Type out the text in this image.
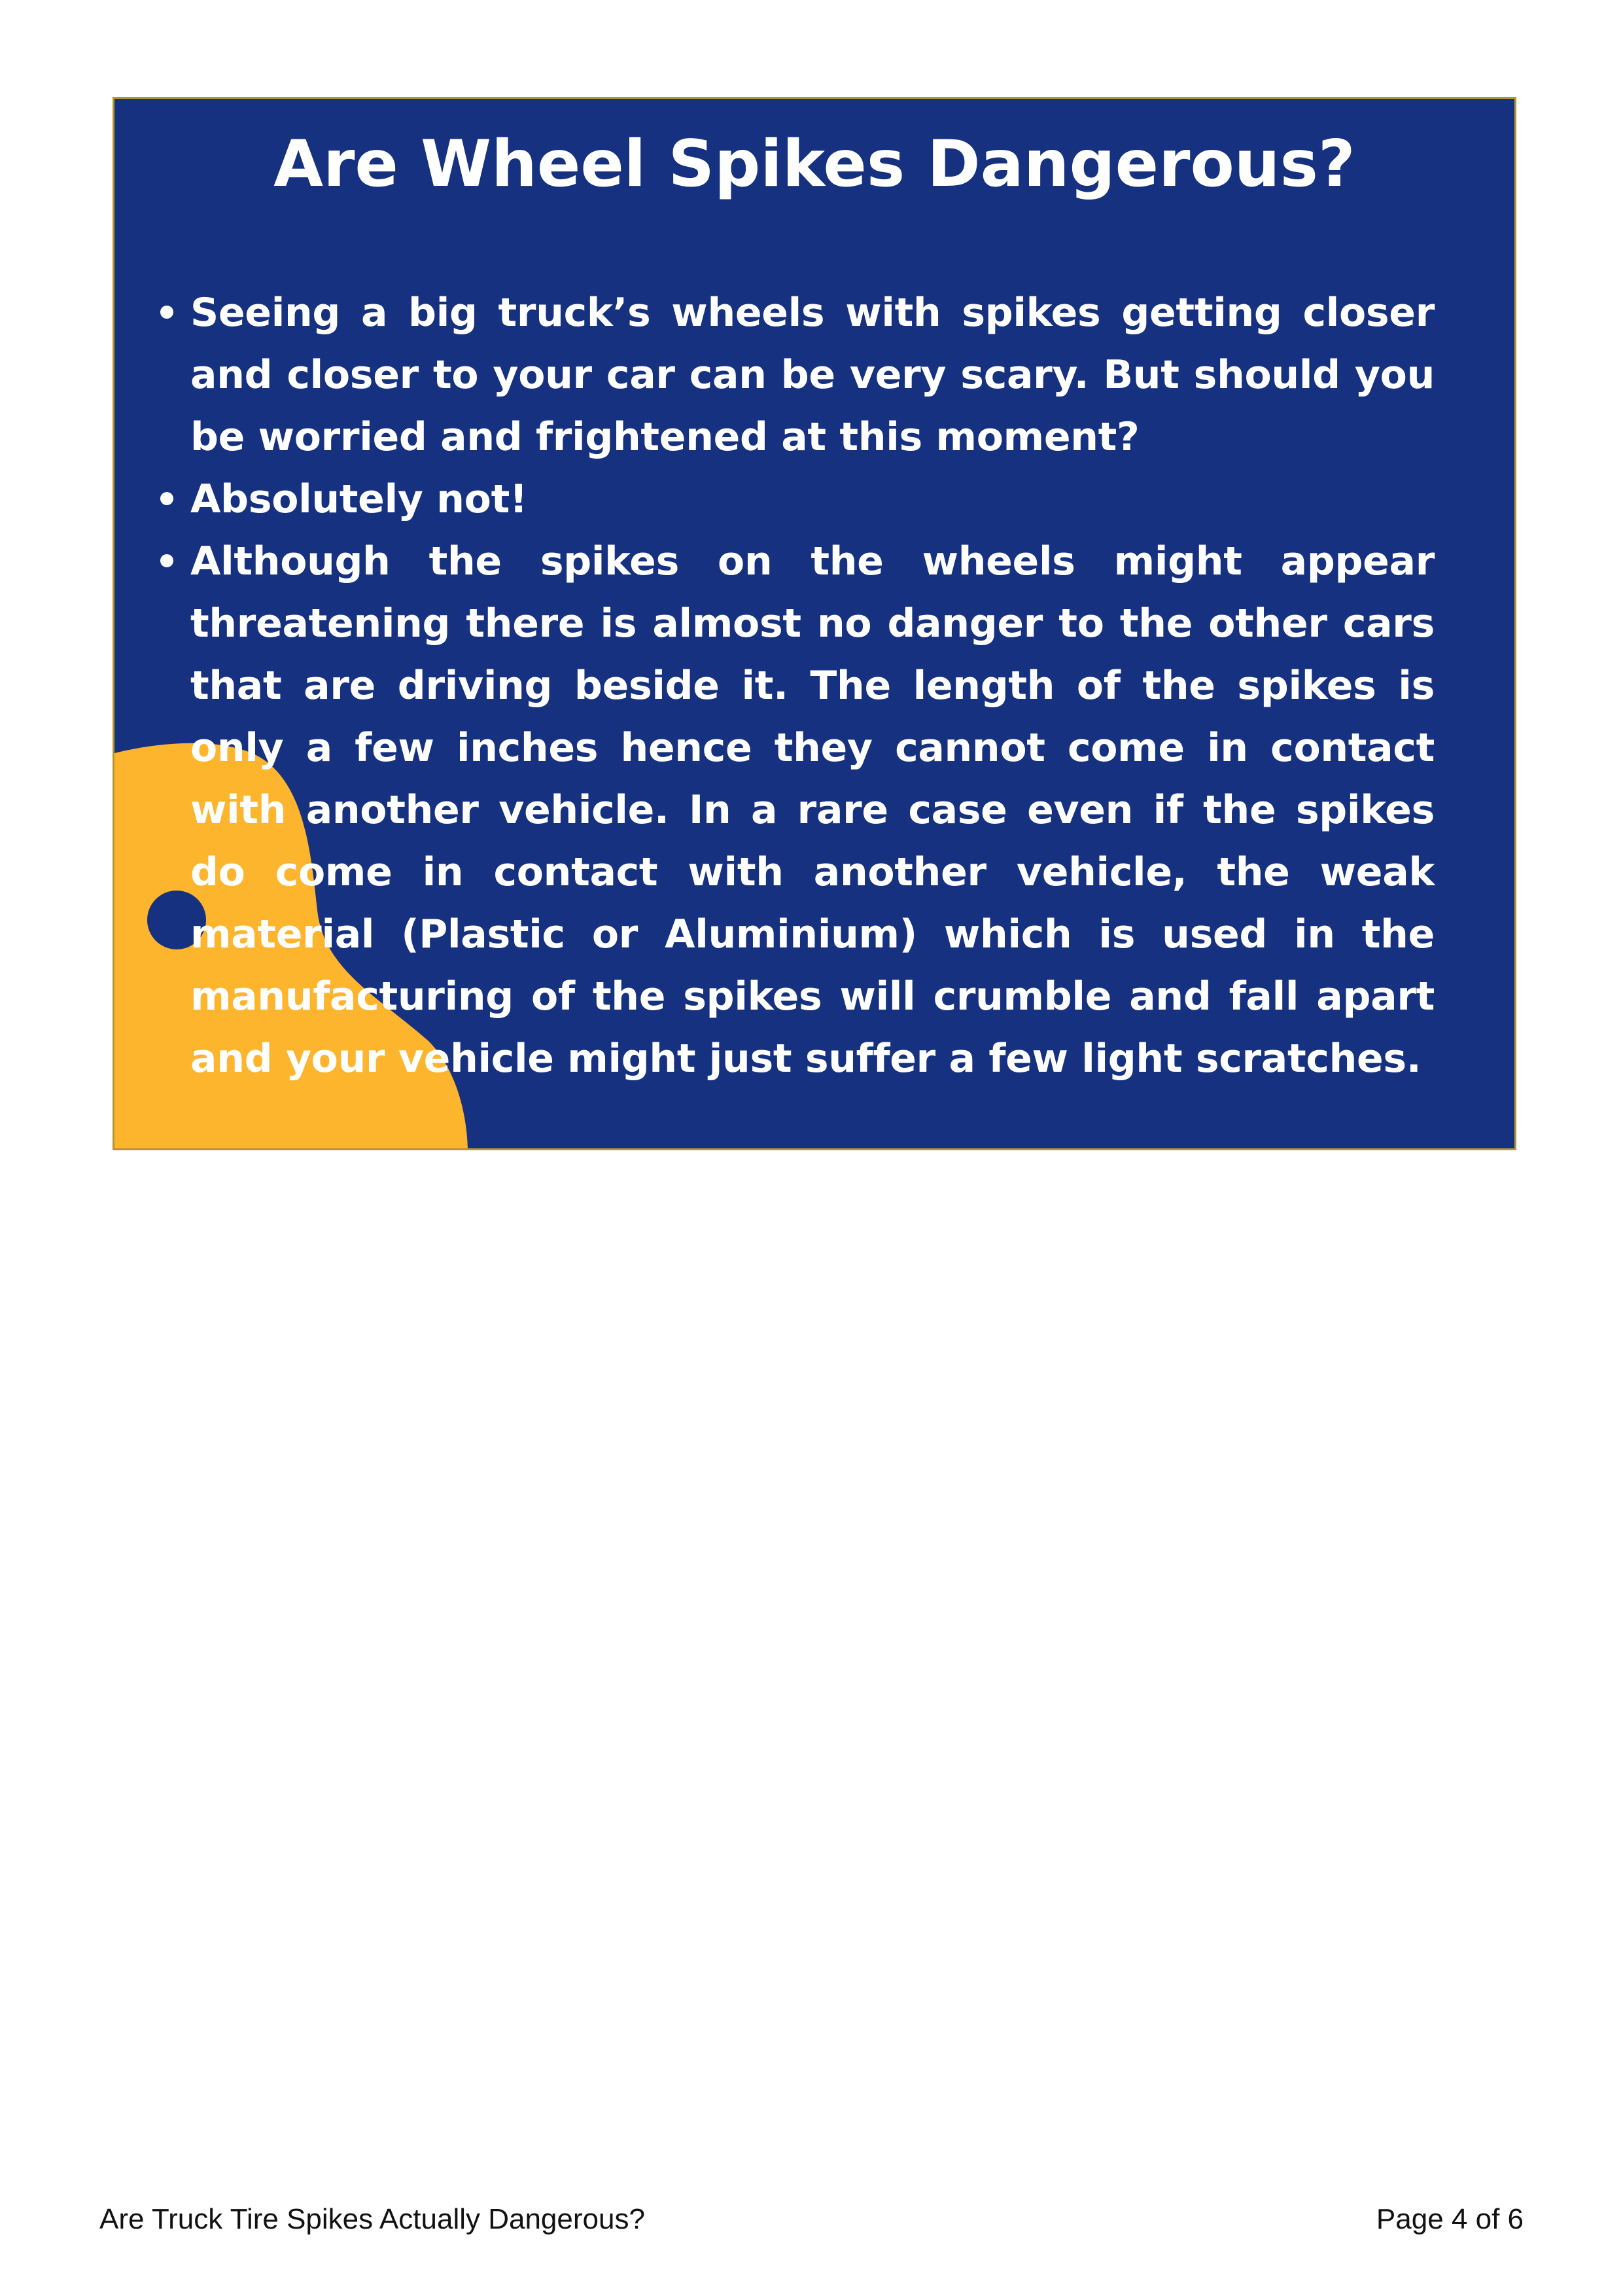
Are Wheel Spikes Dangerous?
Seeing a big truck’s wheels with spikes getting closer and closer to your car can be very scary. But should you be worried and frightened at this moment?
Absolutely not!
Although the spikes on the wheels might appear threatening there is almost no danger to the other cars that are driving beside it. The length of the spikes is only a few inches hence they cannot come in contact with another vehicle. In a rare case even if the spikes do come in contact with another vehicle, the weak material (Plastic or Aluminium) which is used in the manufacturing of the spikes will crumble and fall apart and your vehicle might just suffer a few light scratches.
Are Truck Tire Spikes Actually Dangerous?	Page 4 of 6
